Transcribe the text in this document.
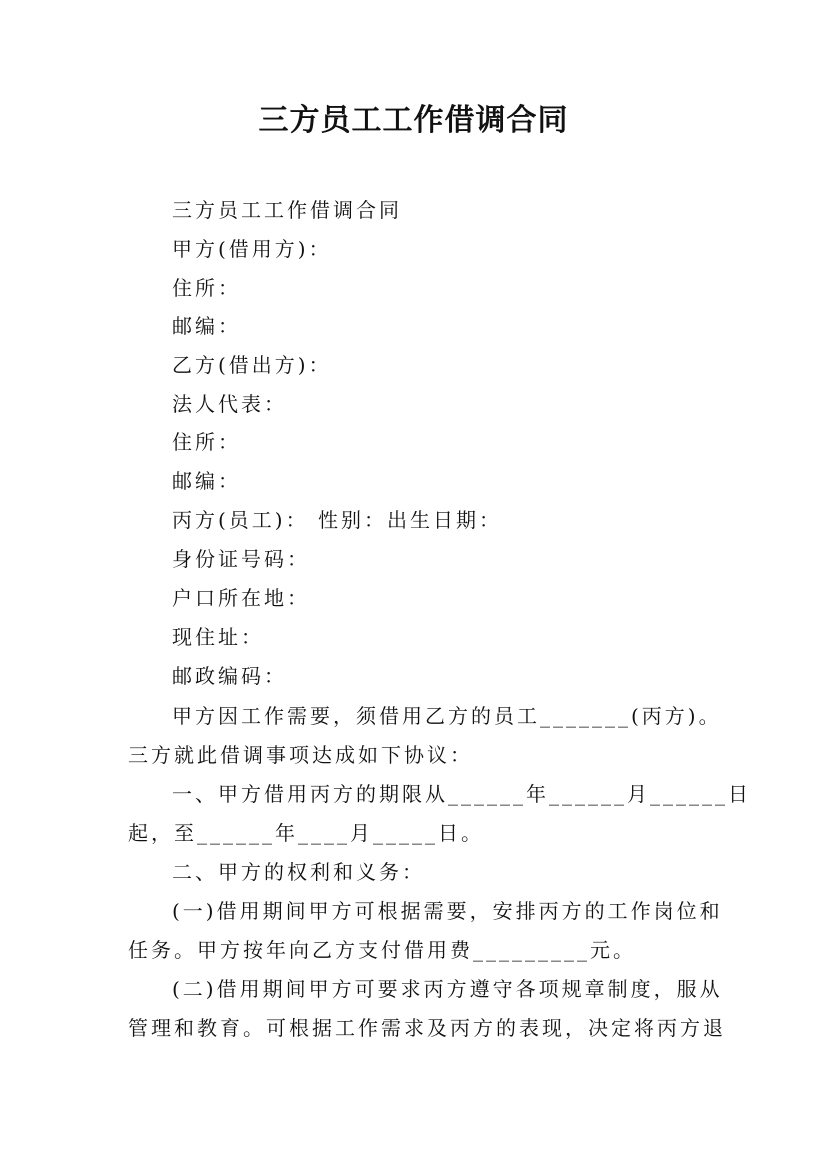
三方员工工作借调合同
三方员工工作借调合同
甲方(借用方)：
住所：
邮编：
乙方(借出方)：
法人代表：
住所：
邮编：
丙方(员工)： 性别：出生日期：
身份证号码：
户口所在地：
现住址：
邮政编码：
甲方因工作需要，须借用乙方的员工_______(丙方)。
三方就此借调事项达成如下协议：
一、甲方借用丙方的期限从______年______月______日
起，至______年____月_____日。
二、甲方的权利和义务：
(一)借用期间甲方可根据需要，安排丙方的工作岗位和
任务。甲方按年向乙方支付借用费_________元。
(二)借用期间甲方可要求丙方遵守各项规章制度，服从
管理和教育。可根据工作需求及丙方的表现，决定将丙方退
